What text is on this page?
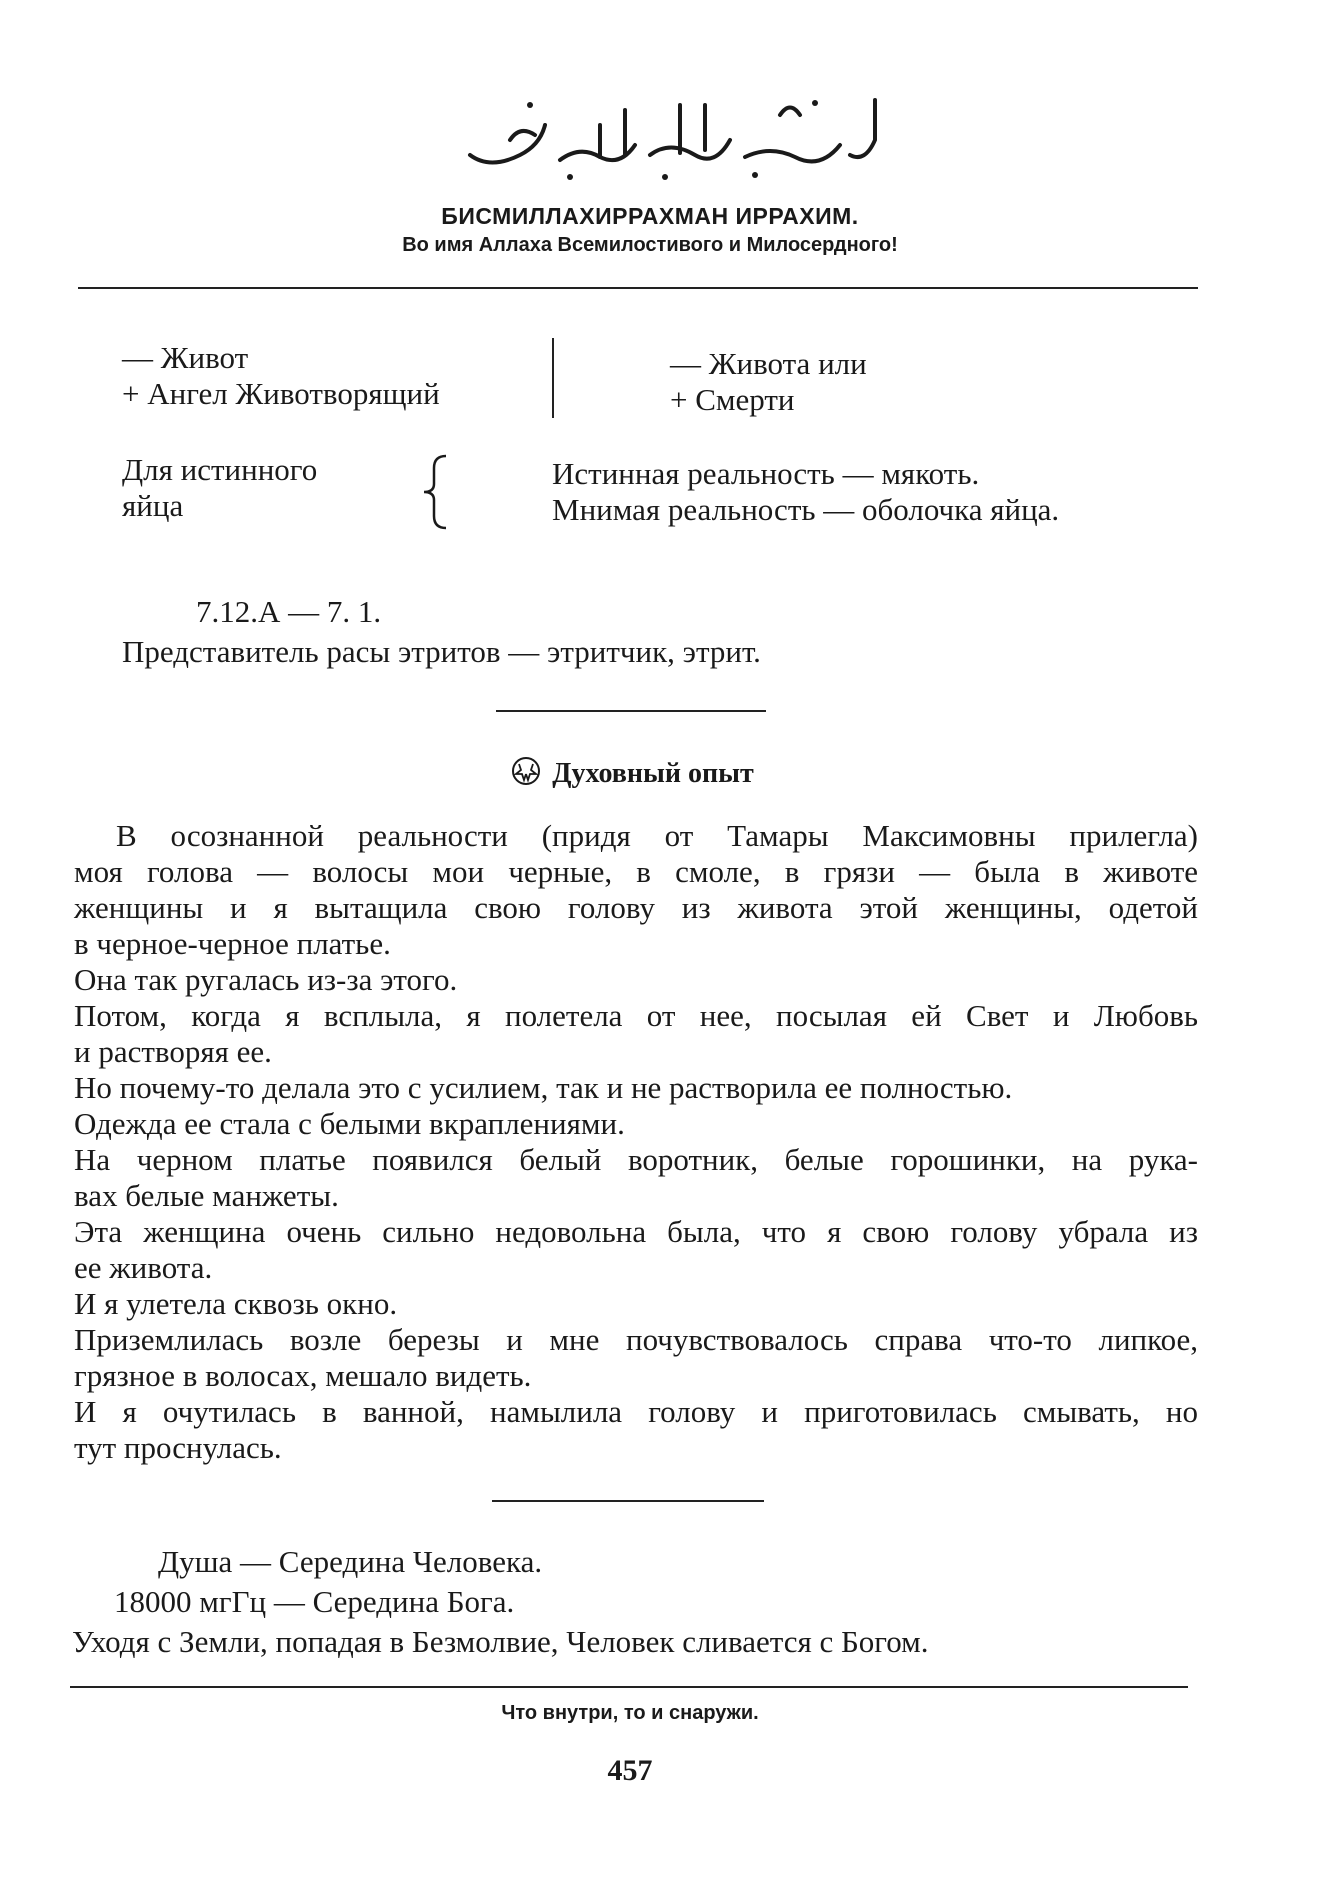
БИСМИЛЛАХИРРАХМАН ИРРАХИМ.
Во имя Аллаха Всемилостивого и Милосердного!
— Живот
+ Ангел Животворящий
— Живота или
+ Смерти
Для истинного
яйца
Истинная реальность — мякоть.
Мнимая реальность — оболочка яйца.
7.12.А — 7. 1.
Представитель расы этритов — этритчик, этрит.
Духовный опыт
В осознанной реальности (придя от Тамары Максимовны прилегла)
моя голова — волосы мои черные, в смоле, в грязи — была в животе
женщины и я вытащила свою голову из живота этой женщины, одетой
в черное-черное платье.
Она так ругалась из-за этого.
Потом, когда я всплыла, я полетела от нее, посылая ей Свет и Любовь
и растворяя ее.
Но почему-то делала это с усилием, так и не растворила ее полностью.
Одежда ее стала с белыми вкраплениями.
На черном платье появился белый воротник, белые горошинки, на рука-
вах белые манжеты.
Эта женщина очень сильно недовольна была, что я свою голову убрала из
ее живота.
И я улетела сквозь окно.
Приземлилась возле березы и мне почувствовалось справа что-то липкое,
грязное в волосах, мешало видеть.
И я очутилась в ванной, намылила голову и приготовилась смывать, но
тут проснулась.
Душа — Середина Человека.
18000 мгГц — Середина Бога.
Уходя с Земли, попадая в Безмолвие, Человек сливается с Богом.
Что внутри, то и снаружи.
457
